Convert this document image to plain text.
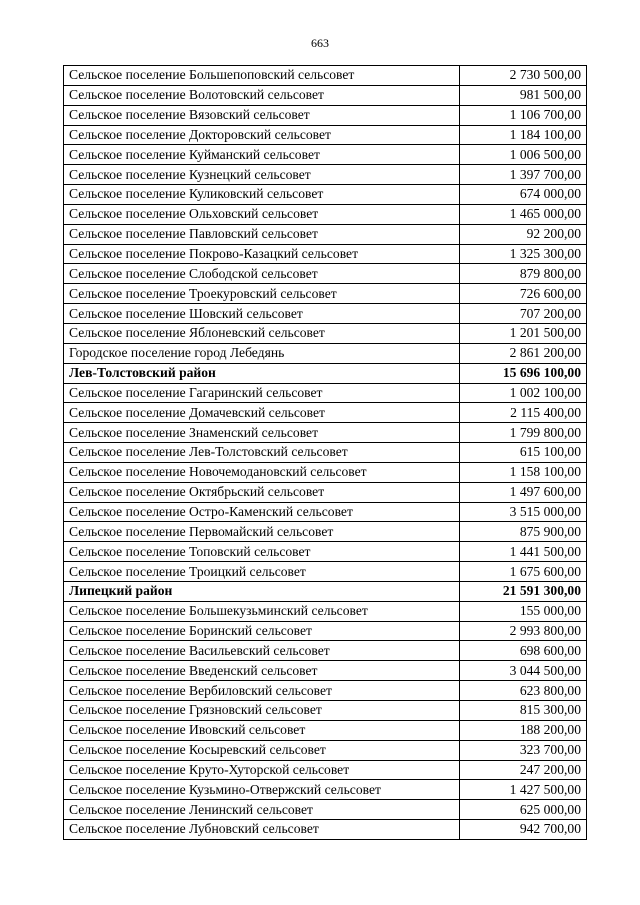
663
Сельское поселение Большепоповский сельсовет	2 730 500,00
Сельское поселение Волотовский сельсовет	981 500,00
Сельское поселение Вязовский сельсовет	1 106 700,00
Сельское поселение Докторовский сельсовет	1 184 100,00
Сельское поселение Куйманский сельсовет	1 006 500,00
Сельское поселение Кузнецкий сельсовет	1 397 700,00
Сельское поселение Куликовский сельсовет	674 000,00
Сельское поселение Ольховский сельсовет	1 465 000,00
Сельское поселение Павловский сельсовет	92 200,00
Сельское поселение Покрово-Казацкий сельсовет	1 325 300,00
Сельское поселение Слободской сельсовет	879 800,00
Сельское поселение Троекуровский сельсовет	726 600,00
Сельское поселение Шовский сельсовет	707 200,00
Сельское поселение Яблоневский сельсовет	1 201 500,00
Городское поселение город Лебедянь	2 861 200,00
Лев-Толстовский район	15 696 100,00
Сельское поселение Гагаринский сельсовет	1 002 100,00
Сельское поселение Домачевский сельсовет	2 115 400,00
Сельское поселение Знаменский сельсовет	1 799 800,00
Сельское поселение Лев-Толстовский сельсовет	615 100,00
Сельское поселение Новочемодановский сельсовет	1 158 100,00
Сельское поселение Октябрьский сельсовет	1 497 600,00
Сельское поселение Остро-Каменский сельсовет	3 515 000,00
Сельское поселение Первомайский сельсовет	875 900,00
Сельское поселение Топовский сельсовет	1 441 500,00
Сельское поселение Троицкий сельсовет	1 675 600,00
Липецкий район	21 591 300,00
Сельское поселение Большекузьминский сельсовет	155 000,00
Сельское поселение Боринский сельсовет	2 993 800,00
Сельское поселение Васильевский сельсовет	698 600,00
Сельское поселение Введенский сельсовет	3 044 500,00
Сельское поселение Вербиловский сельсовет	623 800,00
Сельское поселение Грязновский сельсовет	815 300,00
Сельское поселение Ивовский сельсовет	188 200,00
Сельское поселение Косыревский сельсовет	323 700,00
Сельское поселение Круто-Хуторской сельсовет	247 200,00
Сельское поселение Кузьмино-Отвержский сельсовет	1 427 500,00
Сельское поселение Ленинский сельсовет	625 000,00
Сельское поселение Лубновский сельсовет	942 700,00
